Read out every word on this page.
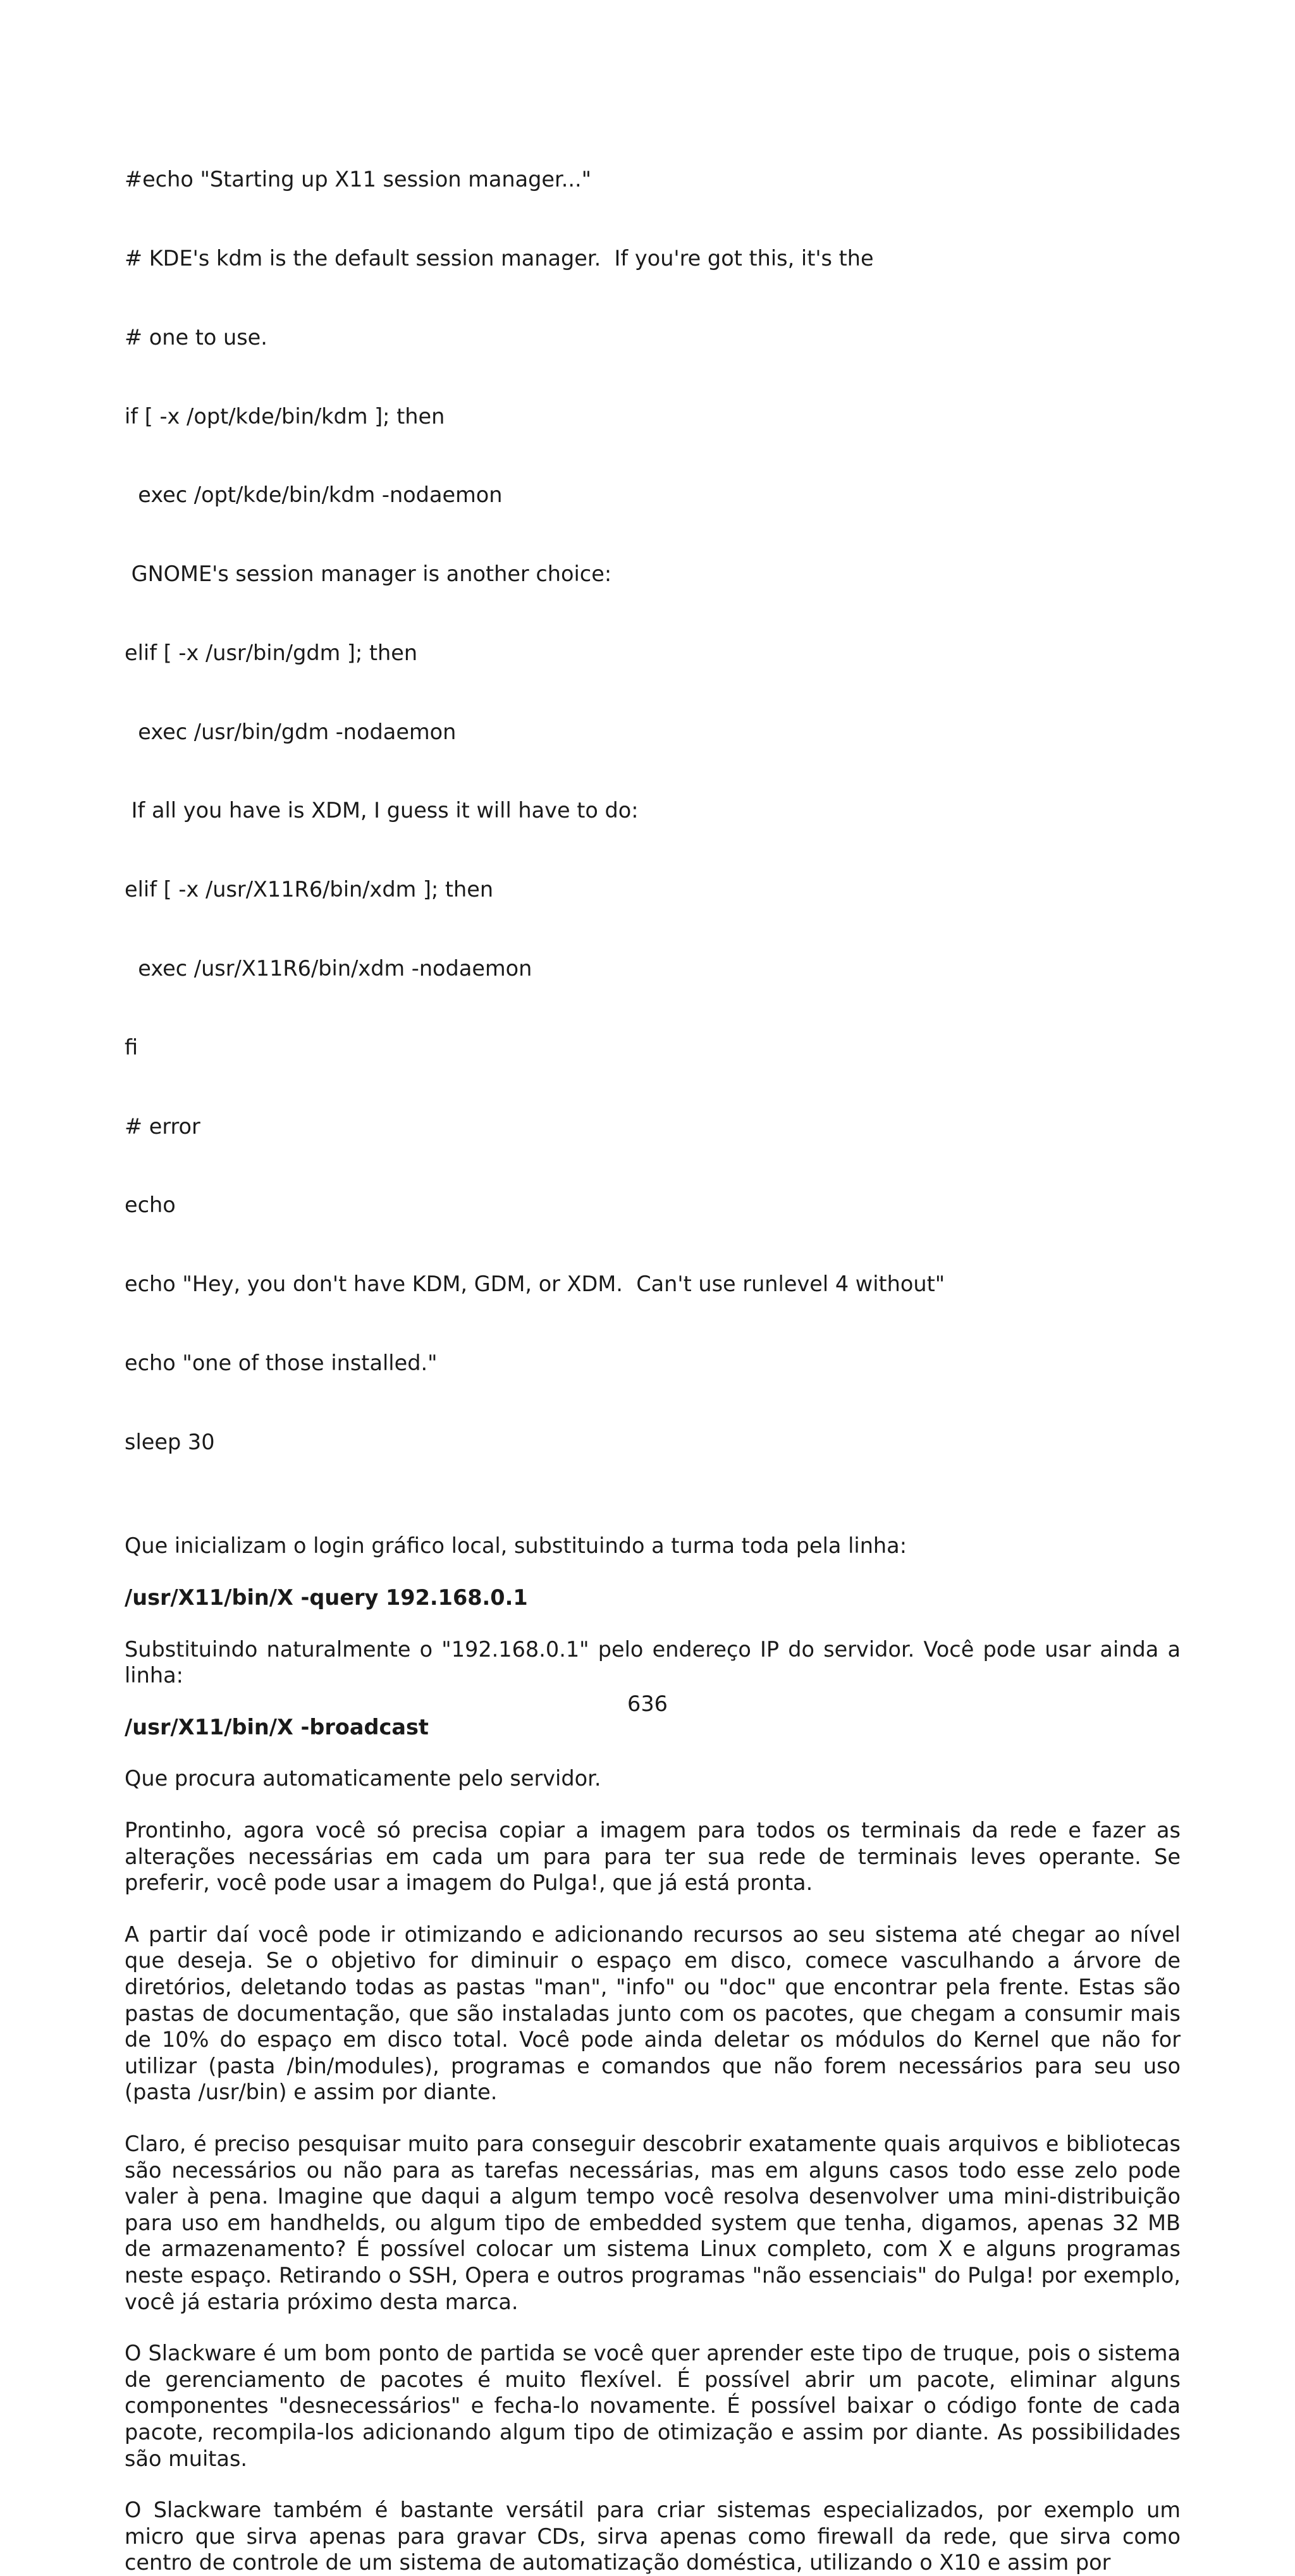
#echo "Starting up X11 session manager..."

# KDE's kdm is the default session manager.  If you're got this, it's the

# one to use.

if [ -x /opt/kde/bin/kdm ]; then

exec /opt/kde/bin/kdm -nodaemon

GNOME's session manager is another choice:

elif [ -x /usr/bin/gdm ]; then

exec /usr/bin/gdm -nodaemon

If all you have is XDM, I guess it will have to do:

elif [ -x /usr/X11R6/bin/xdm ]; then

exec /usr/X11R6/bin/xdm -nodaemon

fi

# error

echo

echo "Hey, you don't have KDM, GDM, or XDM.  Can't use runlevel 4 without"

echo "one of those installed."

sleep 30

Que inicializam o login gráfico local, substituindo a turma toda pela linha:

/usr/X11/bin/X -query 192.168.0.1

Substituindo naturalmente o "192.168.0.1" pelo endereço IP do servidor. Você pode usar ainda a linha:

/usr/X11/bin/X -broadcast

Que procura automaticamente pelo servidor.

Prontinho, agora você só precisa copiar a imagem para todos os terminais da rede e fazer as alterações necessárias em cada um para para ter sua rede de terminais leves operante. Se preferir, você pode usar a imagem do Pulga!, que já está pronta.

A partir daí você pode ir otimizando e adicionando recursos ao seu sistema até chegar ao nível que deseja. Se o objetivo for diminuir o espaço em disco, comece vasculhando a árvore de diretórios, deletando todas as pastas "man", "info" ou "doc" que encontrar pela frente. Estas são pastas de documentação, que são instaladas junto com os pacotes, que chegam a consumir mais de 10% do espaço em disco total. Você pode ainda deletar os módulos do Kernel que não for utilizar (pasta /bin/modules), programas e comandos que não forem necessários para seu uso (pasta /usr/bin) e assim por diante.

Claro, é preciso pesquisar muito para conseguir descobrir exatamente quais arquivos e bibliotecas são necessários ou não para as tarefas necessárias, mas em alguns casos todo esse zelo pode valer à pena. Imagine que daqui a algum tempo você resolva desenvolver uma mini-distribuição para uso em handhelds, ou algum tipo de embedded system que tenha, digamos, apenas 32 MB de armazenamento? É possível colocar um sistema Linux completo, com X e alguns programas neste espaço. Retirando o SSH, Opera e outros programas "não essenciais" do Pulga! por exemplo, você já estaria próximo desta marca.

O Slackware é um bom ponto de partida se você quer aprender este tipo de truque, pois o sistema de gerenciamento de pacotes é muito flexível. É possível abrir um pacote, eliminar alguns componentes "desnecessários" e fecha-lo novamente. É possível baixar o código fonte de cada pacote, recompila-los adicionando algum tipo de otimização e assim por diante. As possibilidades são muitas.

O Slackware também é bastante versátil para criar sistemas especializados, por exemplo um micro que sirva apenas para gravar CDs, sirva apenas como firewall da rede, que sirva como centro de controle de um sistema de automatização doméstica, utilizando o X10 e assim por

636
